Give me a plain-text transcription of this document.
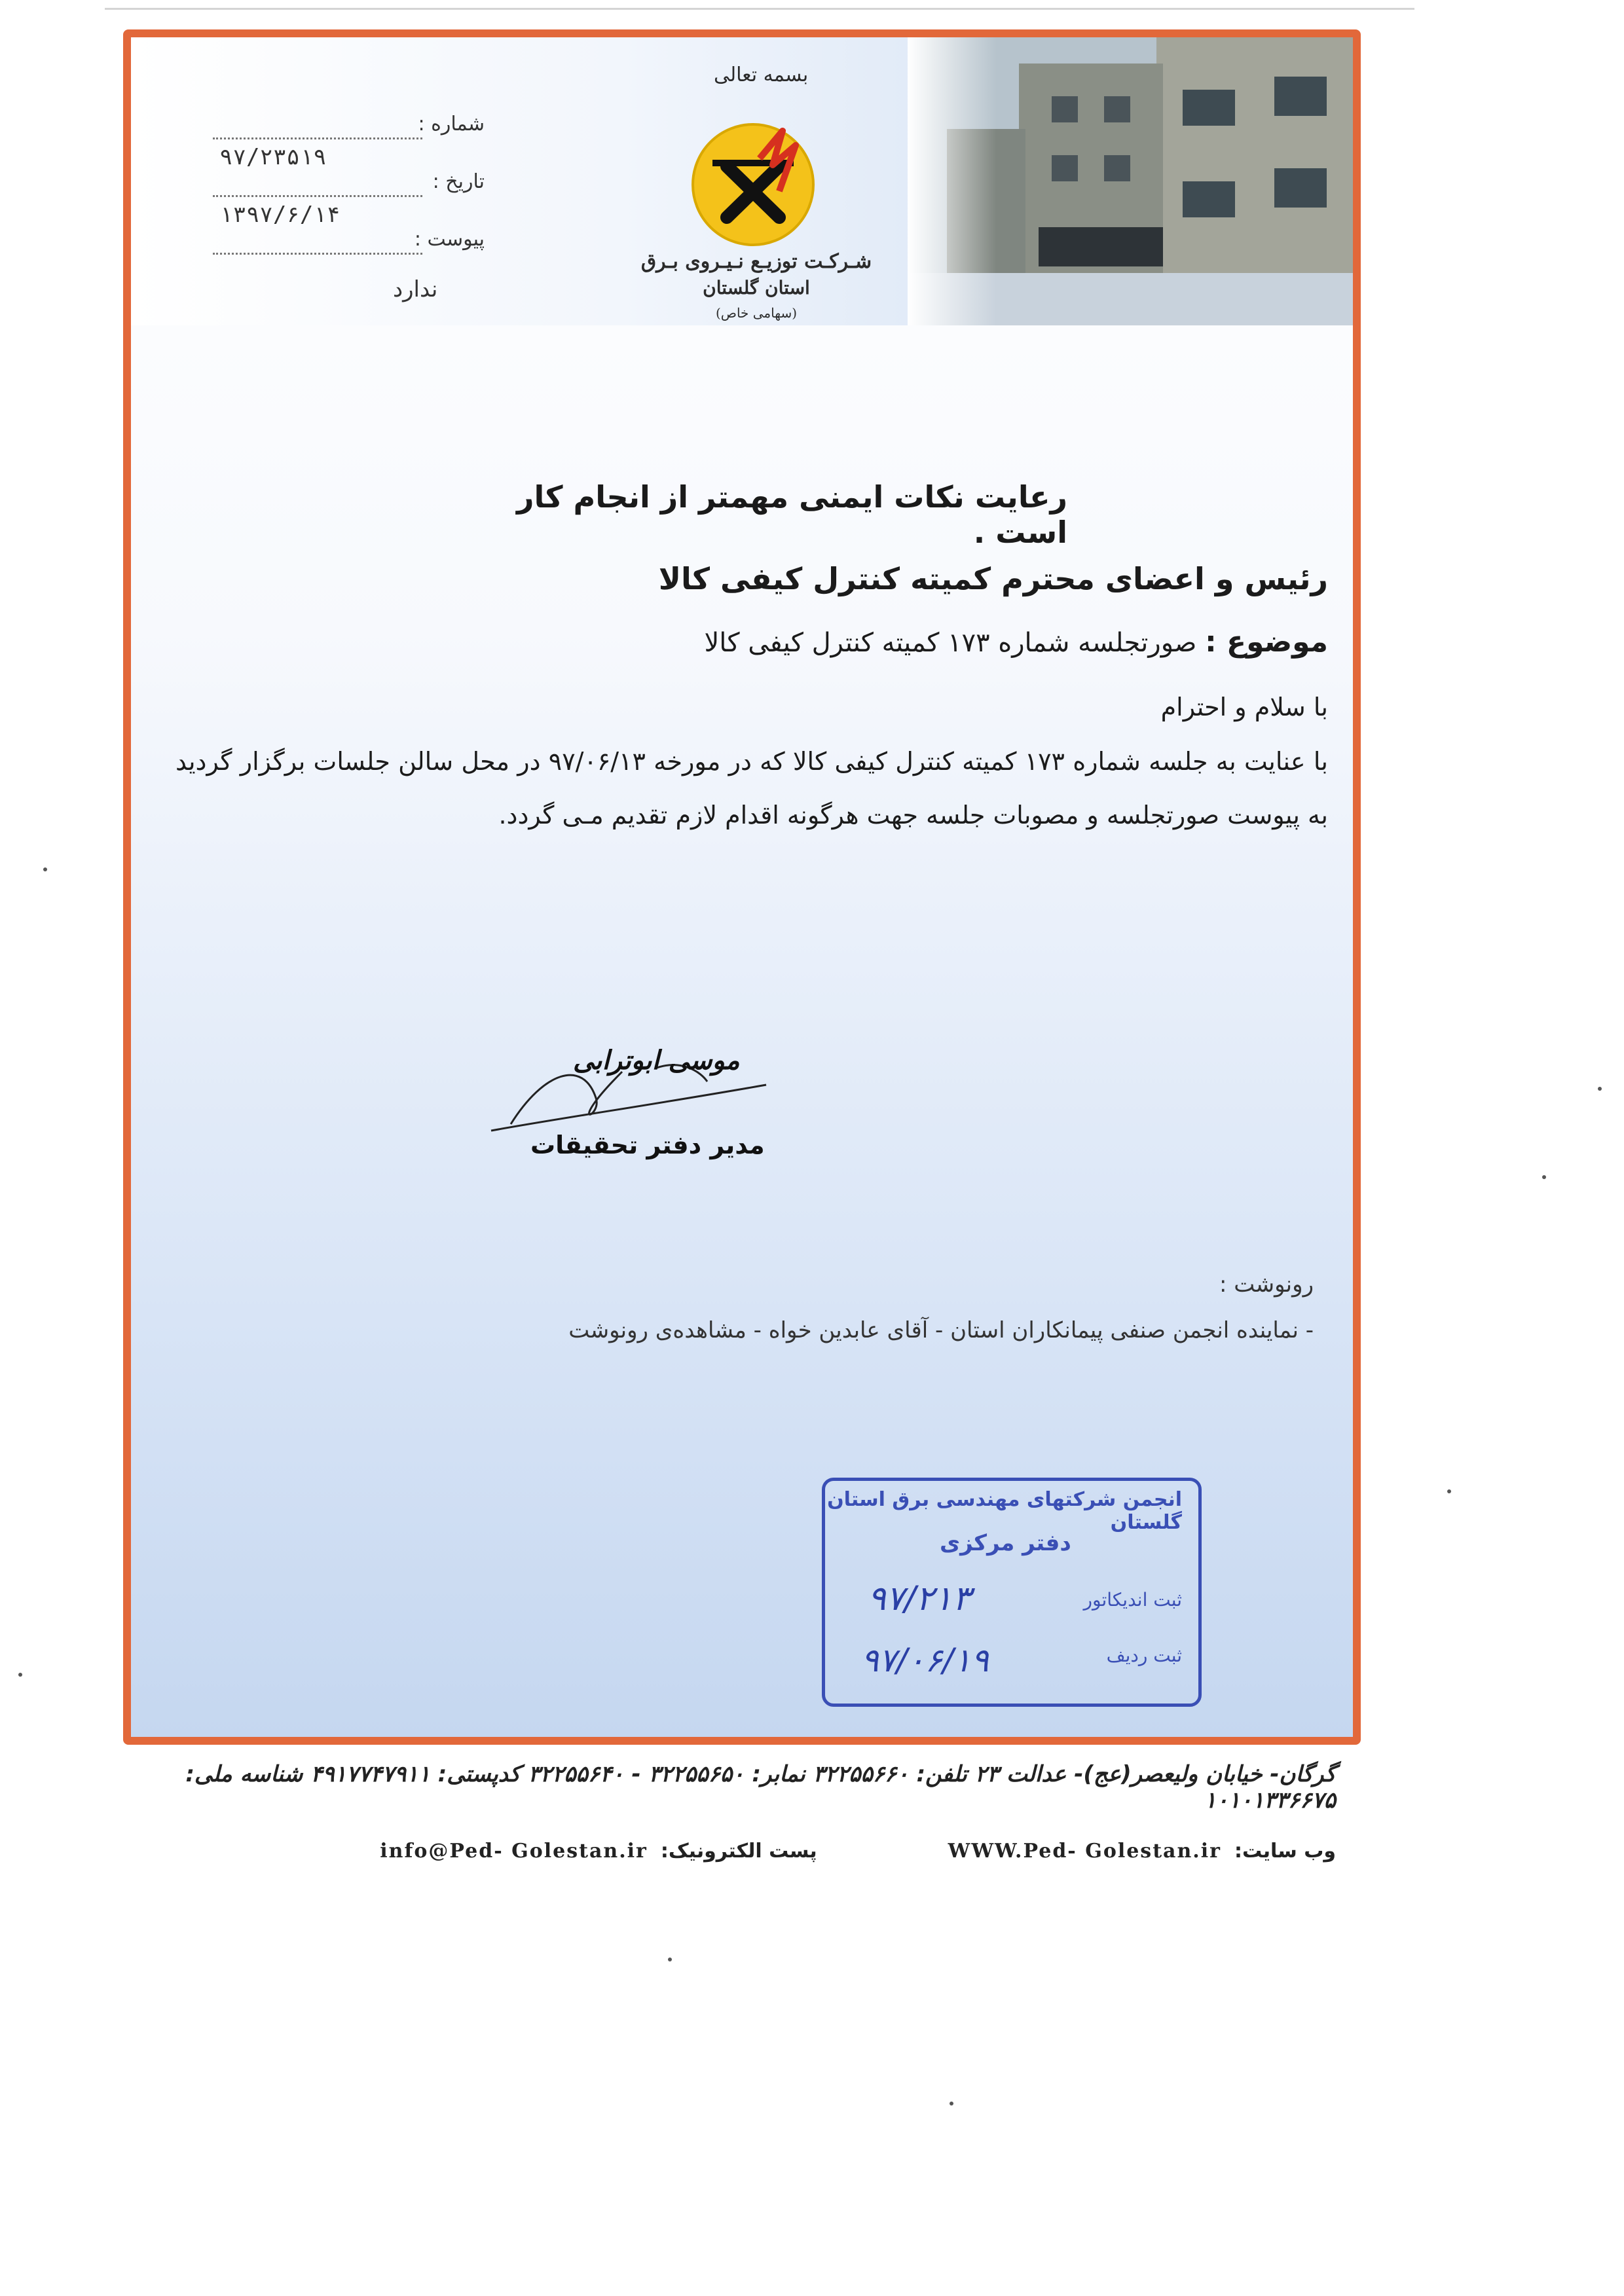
بسمه تعالی
شـرکـت توزیـع نـیـروی بـرق
استان گلستان
(سهامی خاص)
شماره :
۹۷/۲۳۵۱۹
تاریخ :
۱۳۹۷/۶/۱۴
پیوست :
ندارد
رعایت نکات ایمنی مهمتر از انجام کار است .
رئیس و اعضای محترم کمیته کنترل کیفی کالا
موضوع : صورتجلسه شماره ۱۷۳ کمیته کنترل کیفی کالا
با سلام و احترام
با عنایت به جلسه شماره ۱۷۳ کمیته کنترل کیفی کالا که در مورخه ۹۷/۰۶/۱۳ در محل سالن جلسات برگزار گردید به پیوست صورتجلسه و مصوبات جلسه جهت هرگونه اقدام لازم تقدیم مـی گردد.
موسی ابوترابی
مدیر دفتر تحقیقات
رونوشت :
- نماینده انجمن صنفی پیمانکاران استان - آقای عابدین خواه - مشاهده‌ی رونوشت
انجمن شرکتهای مهندسی برق استان گلستان
دفتر مرکزی
ثبت اندیکاتور
۹۷/۲۱۳
ثبت ردیف
۹۷/۰۶/۱۹
گرگان- خیابان ولیعصر(عج)- عدالت ۲۳ تلفن: ۳۲۲۵۵۶۶۰ نمابر: ۳۲۲۵۵۶۵۰ - ۳۲۲۵۵۶۴۰ کدپستی: ۴۹۱۷۷۴۷۹۱۱ شناسه ملی: ۱۰۱۰۱۳۳۶۶۷۵
وب سایت:
WWW.Ped- Golestan.ir
پست الکترونیک:
info@Ped- Golestan.ir
